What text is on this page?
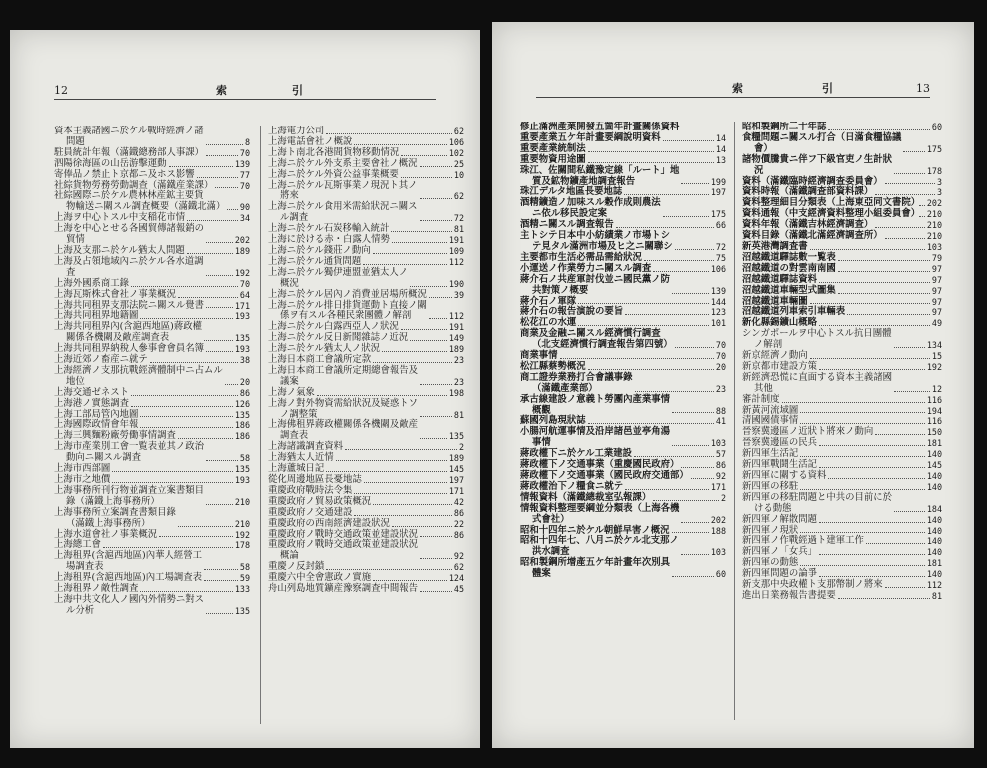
12	索	引
資本主義諸國ニ於ケル戰時經濟ノ諸
問題	8
駐員統計年報（滿鐵總務部人事課）	70
泗陽徐海區の山岳游擊運動	139
寄俸品ノ禁止ト京都ニ及ホス影響	77
社綜貨物勞務勞動調查（滿鐵産業課）	70
社綜國際ニ於ケル農林林産鉱主要貨
物輸送ニ關スル調査概要（滿鐵北滿） 90
上海ヲ中心トスル中支稲花市情	34
上海を中心とせる各國貿傳諸報銷の
貿情	202
上海及支那ニ於ケル猶太人問題	189
上海及占領地域內ニ於ケル各水道調
査	192
上海外國系商工錄	70
上海瓦斯株式會社ノ事業概況	64
上海共同租界支那法院ニ關スル覺書	171
上海共同租界地籍圖	193
上海共同租界內(含滬西地區)蔣政權
關係各機關及敵産調査表	135
上海共同租界納稅人參事會會員名簿	193
上海近郊ノ畜産ニ就テ	38
上海經濟ノ支那抗戰經濟體制中ニ占ムル
地位	20
上海交通ゼネスト	86
上海港ノ實態調査	126
上海工部局管內地圖	135
上海國際政情會年報	186
上海三興麵粉廠勞働事情調査	186
上海市產業別工會一覧表並其ノ政治
動向ニ關スル調査	58
上海市西部圖	135
上海市之地價	193
上海事務所刊行物並調査立案書類目
錄（滿鐵上海事務所）	210
上海事務所立案調査書類目錄
（滿鐵上海事務所）	210
上海水道會社ノ事業概況	192
上海總工會	178
上海租界(含滬西地區)內華人經營工
場調査表	58
上海租界(含滬西地區)內工場調査表	59
上海租界ノ敵性調査	133
上海中共文化人ノ國內外情勢ニ對ス
ル分析	135
上海電力公司	62
上海電話會社ノ概說	106
上海ト南北各港間貨物移動情況	102
上海ニ於ケル外支系主要會社ノ概況	25
上海ニ於ケル外資公益事業概要	10
上海ニ於ケル瓦斯事業ノ現況ト其ノ
將來	62
上海ニ於ケル食用米需給狀況ニ關ス
ル調査	72
上海ニ於ケル石炭移輸入統計	81
上海に於ける赤・白露人情勢	191
上海ニ於ケル錢莊ノ動向	109
上海ニ於ケル通貨問題	112
上海ニ於ケル獨伊連盟並猶太人ノ
概況	190
上海ニ於ケル居內ノ消費並居場所概況	39
上海ニ於ケル排日排貨運動ト直接ノ關
係ヲ有スル各種民衆團體ノ解剖	112
上海ニ於ケル白露西亞人ノ狀況	191
上海ニ於ケル反日新聞雜誌ノ近況	149
上海ニ於ケル猶太人ノ狀況	189
上海日本商工會議所定款	23
上海日本商工會議所定期總會報告及
議案	23
上海ノ氣象	198
上海ノ對外物資需給狀況及疑惑トソ
ノ調整策	81
上海佛租界蔣政權關係各機關及敵産
調査表	135
上海諸識調査資料	2
上海猶太人近情	189
上海蘆城日記	145
從化周邊地區長憂地誌	197
重慶政府戰時法令集	171
重慶政府ノ貿易政策概況	42
重慶政府ノ交通建設	86
重慶政府の西南經濟建設狀況	22
重慶政府ノ戰時交通政策並建設狀況	86
重慶政府ノ戰時交通政策並建設狀況
概論	92
重慶ノ反封鎖	62
重慶六中全會憲政ノ實施	124
舟山列島地質鑛産豫察調査中間報告	45
索	引	13
修正滿洲產業開發五箇年計畫關係資料
重要產業五ケ年計畫要綱說明資料	14
重要產業統制法	14
重要物資用途圖	13
珠江、佐關間私鐵豫定線「ルート」地
質及鉱物鑛產地調査報告	199
珠江デルタ地區長要地誌	197
酒精鑛造ノ加味スル穀作成則農法
ニ依ル移民設定案	175
酒精ニ關スル調査報告	66
主トシテ日本中小紡績業ノ市場トシ
テ見タル滿洲市場及ヒ之ニ關聯シ	72
主要都市生活必需品需給狀況	75
小運送ノ作業勞力ニ關スル調査	106
蔣介石ノ共産軍討伐並ニ國民黨ノ防
共對策ノ概要	139
蔣介石ノ軍隊	144
蔣介石の報告演說の要旨	123
松花江の水運	101
商業及金融ニ關スル經濟慣行調査
（北支經濟慣行調査報告第四號）	70
商業事情	70
松江縣蔡勢概況	20
商工證券業務打合會議事錄
（滿鐵產業部）	23
承古線建設ノ意義ト勞團內產業事情
概觀	88
蘇國列島現狀誌	41
小腸河航運事情及沿岸諸邑並亭角湯
事情	103
蔣政權下ニ於ケル工業建設	57
蔣政權下ノ交通事業（重慶國民政府）	86
蔣政權下ノ交通事業（國民政府交通部）	92
蔣政權治下ノ糧食ニ就テ	171
情報資料（滿鐵總裁室弘報課）	2
情報資料整理要綱並分類表（上海各機
式會社）	202
昭和十四年ニ於ケル朝鮮早害ノ概況	188
昭和十四年七、八月ニ於ケル北支那ノ
洪水調査	103
昭和製鋼所增產五ケ年計畫年次別具
體案	60
昭和製鋼所二十年誌	60
食糧問題ニ關スル打合（日滿食糧協議
會）	175
諸物價騰貴ニ伴フ下級官吏ノ生計狀
況	178
資料（滿鐵臨時經濟調查委員會）	3
資料時報（滿鐵調查部資料課）	3
資料整理細目分類表（上海東亞同文書院） 202
資料通報（中支經濟資料整理小組委員會） 210
資料年報（滿鐵吉林經濟調査）	210
資料目錄（滿鐵北滿經濟調查所）	210
新英港灣調査書	103
沼越鐵道驛誌數一覧表	79
沼越鐵道の對雲南南國	97
沼越鐵道驛誌資料	97
沼越鐵道車輛型式圖集	97
沼越鐵道車輛圖	97
沼越鐵道列車索引車輛表	97
新化縣錫鑛山概略	49
シンガポールヲ中心トスル抗日團體
ノ解剖	134
新京經濟ノ動向	15
新京都市建設方策	192
新經濟恐慌に直面する資本主義諸國
其他	12
審計制度	116
新黃河流域圖	194
清國國債事情	116
晉察冀邊區ノ近狀ト將來ノ動向	150
晉察冀邊區の民兵	181
新四軍生活記	140
新四軍戰鬪生活記	145
新四軍に關する資料	140
新四軍の移駐	140
新四軍の移駐問題と中共の目前に於
ける動態	184
新四軍ノ解散問題	140
新四軍ノ現狀	140
新四軍ノ作戰經過ト建軍工作	140
新四軍ノ「女兵」	140
新四軍の動態	181
新四軍問題の論爭	140
新支那中央政權ト支那幣制ノ將來	112
進出日業務報告書提要	81
